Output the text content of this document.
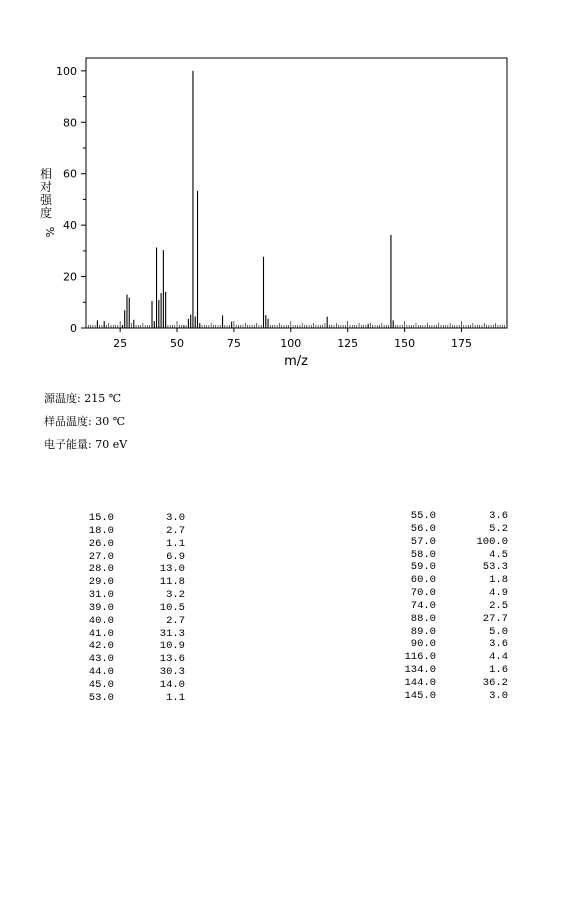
25	50	75	100	125	150	175
0
20
40
60
80
100
相
对
强
度
%
m/z
源温度: 215 ℃
样品温度: 30 ℃
电子能量: 70 eV
15.0	3.0
18.0	2.7
26.0	1.1
27.0	6.9
28.0	13.0
29.0	11.8
31.0	3.2
39.0	10.5
40.0	2.7
41.0	31.3
42.0	10.9
43.0	13.6
44.0	30.3
45.0	14.0
53.0	1.1
55.0	3.6
56.0	5.2
57.0	100.0
58.0	4.5
59.0	53.3
60.0	1.8
70.0	4.9
74.0	2.5
88.0	27.7
89.0	5.0
90.0	3.6
116.0	4.4
134.0	1.6
144.0	36.2
145.0	3.0
